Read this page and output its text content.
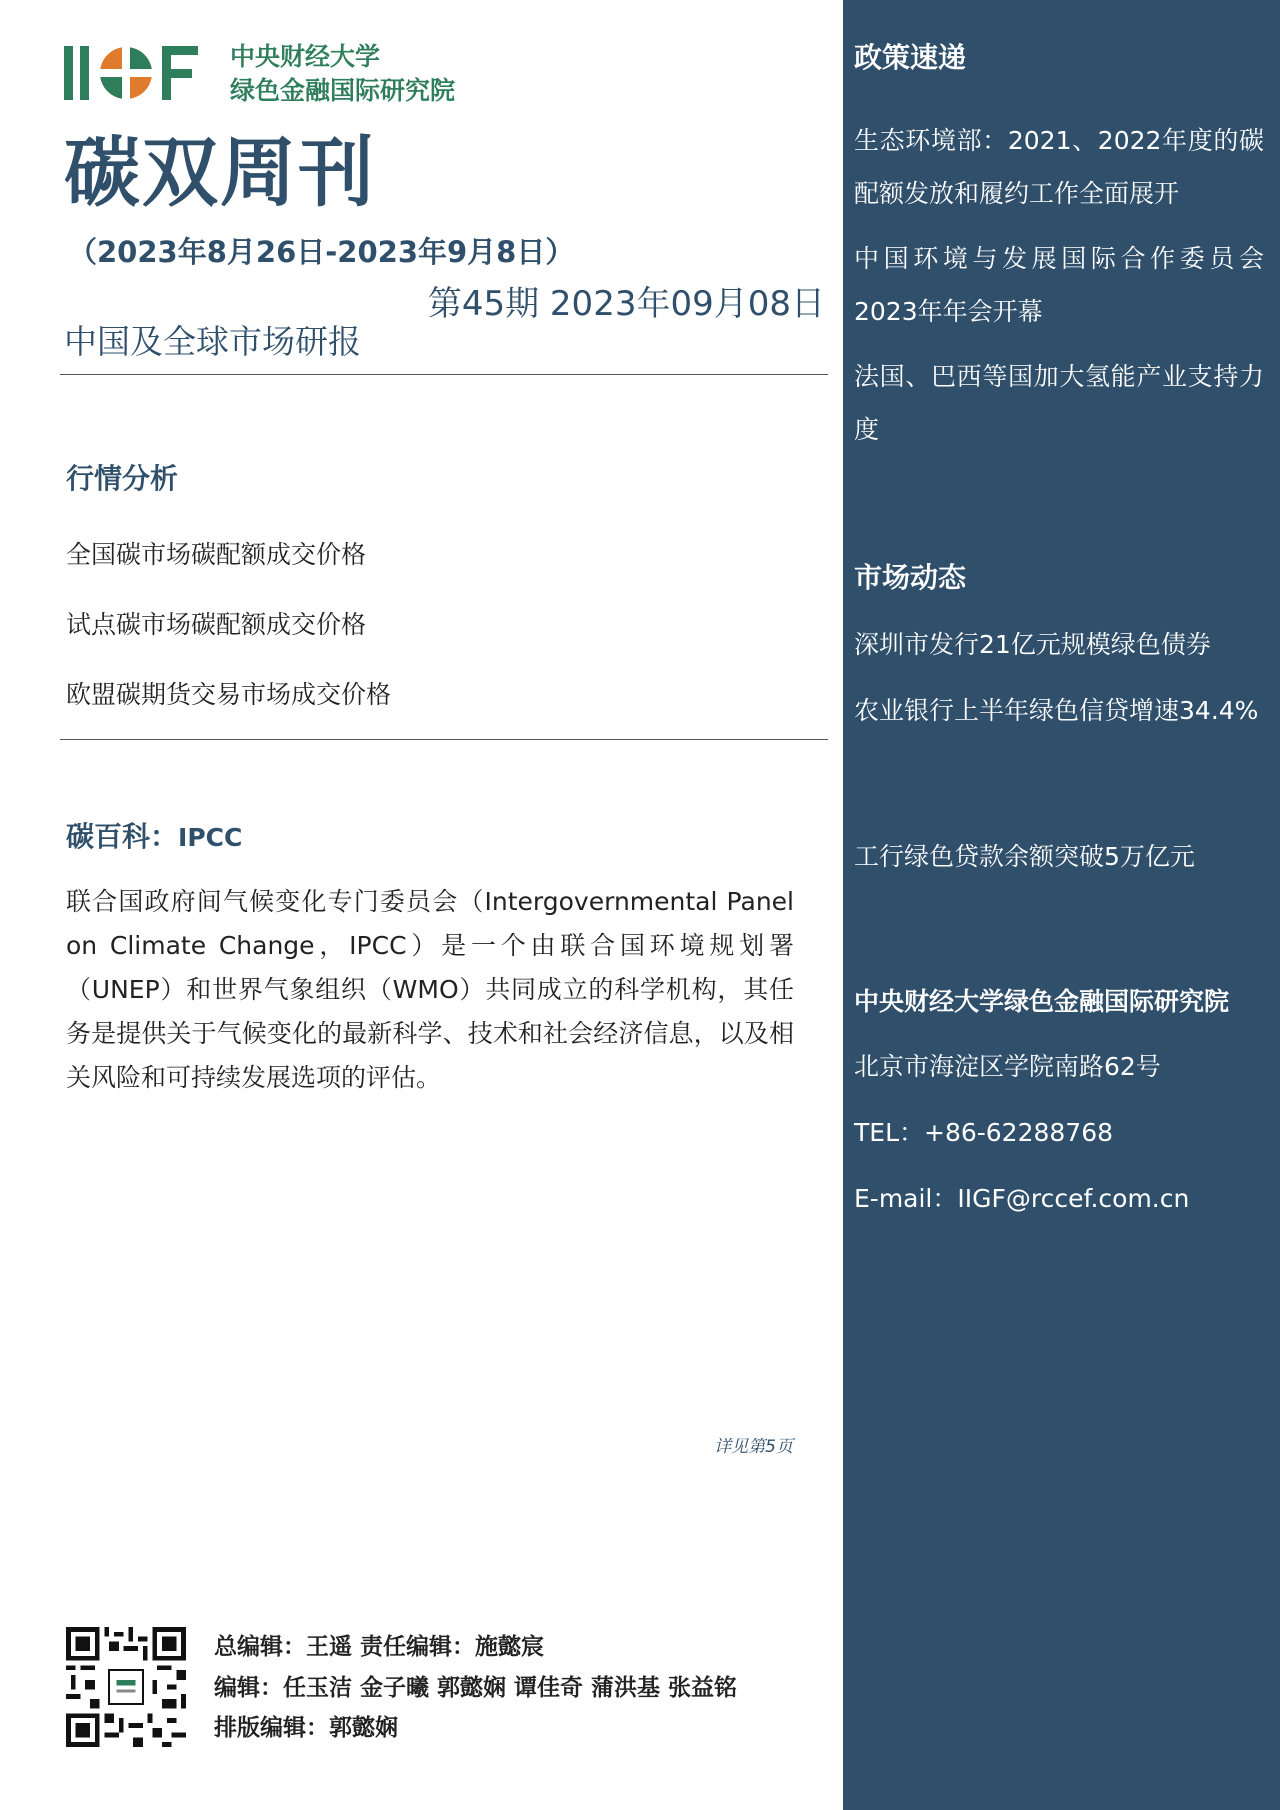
中央财经大学
绿色金融国际研究院
碳双周刊
（2023年8月26日-2023年9月8日）
第45期 2023年09月08日
中国及全球市场研报
行情分析
全国碳市场碳配额成交价格
试点碳市场碳配额成交价格
欧盟碳期货交易市场成交价格
碳百科：IPCC

联合国政府间气候变化专门委员会（Intergovernmental Panel on Climate Change，IPCC）是一个由联合国环境规划署（UNEP）和世界气象组织（WMO）共同成立的科学机构，其任务是提供关于气候变化的最新科学、技术和社会经济信息，以及相关风险和可持续发展选项的评估。

详见第5页
总编辑：王遥 责任编辑：施懿宸
编辑：任玉洁 金子曦 郭懿娴 谭佳奇 蒲洪基 张益铭
排版编辑：郭懿娴
政策速递
生态环境部：2021、2022年度的碳配额发放和履约工作全面展开
中国环境与发展国际合作委员会2023年年会开幕
法国、巴西等国加大氢能产业支持力度
市场动态
深圳市发行21亿元规模绿色债券
农业银行上半年绿色信贷增速34.4%
工行绿色贷款余额突破5万亿元
中央财经大学绿色金融国际研究院
北京市海淀区学院南路62号
TEL：+86-62288768
E-mail：IIGF@rccef.com.cn
